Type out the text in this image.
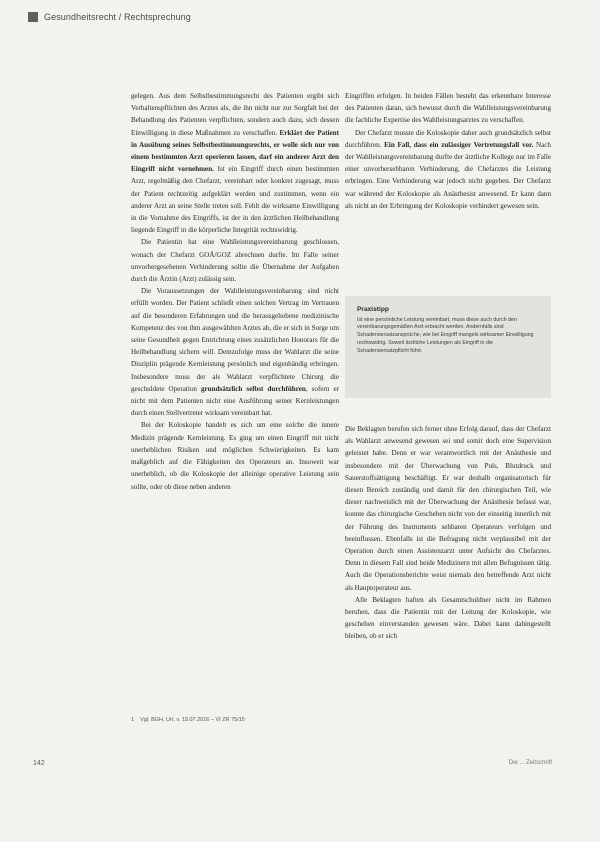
Gesundheitsrecht / Rechtsprechung

gelegen. Aus dem Selbstbestimmungsrecht des Patienten ergibt sich Verhaltenspflichten des Arztes als, die ihn nicht nur zur Sorgfalt bei der Behandlung des Patienten verpflichten, sondern auch dazu, sich dessen Einwilligung in diese Maßnahmen zu verschaffen. Erklärt der Patient in Ausübung seines Selbstbestimmungsrechts, er wolle sich nur von einem bestimmten Arzt operieren lassen, darf ein anderer Arzt den Eingriff nicht vornehmen. Ist ein Eingriff durch einen bestimmten Arzt, regelmäßig den Chefarzt, vereinbart oder konkret zugesagt, muss der Patient rechtzeitig aufgeklärt werden und zustimmen, wenn ein anderer Arzt an seine Stelle treten soll. Fehlt die wirksame Einwilligung in die Vornahme des Eingriffs, ist der in den ärztlichen Heilbehandlung liegende Eingriff in die körperliche Integrität rechtswidrig.

Die Patientin hat eine Wahlleistungsvereinbarung geschlossen, wonach der Chefarzt GOÄ/GOZ abrechnen durfte. Im Falle seiner unvorhergesehenen Verhinderung sollte die Übernahme der Aufgaben durch die Ärztin (Arzt) zulässig sein.

Die Voraussetzungen der Wahlleistungsvereinbarung sind nicht erfüllt worden. Der Patient schließt einen solchen Vertrag im Vertrauen auf die besonderen Erfahrungen und die herausgehobene medizinische Kompetenz des von ihm ausgewählten Arztes ab, die er sich in Sorge um seine Gesundheit gegen Entrichtung eines zusätzlichen Honorars für die Heilbehandlung sichern will. Demzufolge muss der Wahlarzt die seine Disziplin prägende Kernleistung persönlich und eigenhändig erbringen. Insbesondere muss der als Wahlarzt verpflichtete Chirurg die geschuldete Operation grundsätzlich selbst durchführen, sofern er nicht mit dem Patienten nicht eine Ausführung seiner Kernleistungen durch einen Stellvertreter wirksam vereinbart hat.

Bei der Koloskopie handelt es sich um eine solche die innere Medizin prägende Kernleistung. Es ging um einen Eingriff mit nicht unerheblichen Risiken und möglichen Schwierigkeiten. Es kam maßgeblich auf die Fähigkeiten des Operateurs an. Insoweit war unerheblich, ob die Koloskopie der alleinige operative Leistung sein sollte, oder ob diese neben anderen

Eingriffen erfolgen. In beiden Fällen besteht das erkennbare Interesse des Patienten daran, sich bewusst durch die Wahlleistungsvereinbarung die fachliche Expertise des Wahlleistungsarztes zu verschaffen.

Der Chefarzt musste die Koloskopie daher auch grundsätzlich selbst durchführen. Ein Fall, dass ein zulässiger Vertretungsfall vor. Nach der Wahlleistungsvereinbarung durfte der ärztliche Kollege nur im Falle einer unvorhersehbaren Verhinderung, die Chefarztes die Leistung erbringen. Eine Verhinderung war jedoch nicht gegeben. Der Chefarzt war während der Koloskopie als Anästhesist anwesend. Er kann dann als nicht an der Erbringung der Koloskopie verhindert gewesen sein.

Praxistipp
Ist eine persönliche Leistung vereinbart, muss diese auch durch den vereinbarungsgemäßen Arzt erbracht werden. Andernfalls sind Schadensersatzansprüche, wie bei Eingriff mangels wirksamer Einwilligung rechtswidrig. Soweit ärztliche Leistungen als Eingriff in die Schadensersatzpflicht führt.

Die Beklagten berufen sich ferner ohne Erfolg darauf, dass der Chefarzt als Wahlarzt anwesend gewesen sei und somit doch eine Supervision geleistet habe. Denn er war verantwortlich mit der Anästhesie und insbesondere mit der Überwachung von Puls, Blutdruck und Sauerstoffsättigung beschäftigt. Er war deshalb organisatorisch für diesen Bereich zuständig und damit für den chirurgischen Teil, wie dieser nachweislich mit der Überwachung der Anästhesie befasst war, konnte das chirurgische Geschehen nicht von der einseitig innerlich mit der Führung des Instruments sehbaren Operateurs verfolgen und beeinflussen. Ebenfalls ist die Befragung nicht verplausibel mit der Operation durch einen Assistenzarzt unter Aufsicht des Chefarztes. Denn in diesem Fall sind beide Medizinern mit allen Befugnissen tätig. Auch die Operationsberichte weist niemals den betreffende Arzt nicht als Hauptoperateur aus.

Alle Beklagten haften als Gesamtschuldner nicht im Rahmen beruhen, dass die Patientin mit der Leitung der Koloskopie, wie geschehen einverstanden gewesen wäre. Dabei kann dahingestellt bleiben, ob er sich

1 Vgl. BGH, Urt. v. 19.07.2016 – VI ZR 75/15
142	Die ... Zeitschrift
